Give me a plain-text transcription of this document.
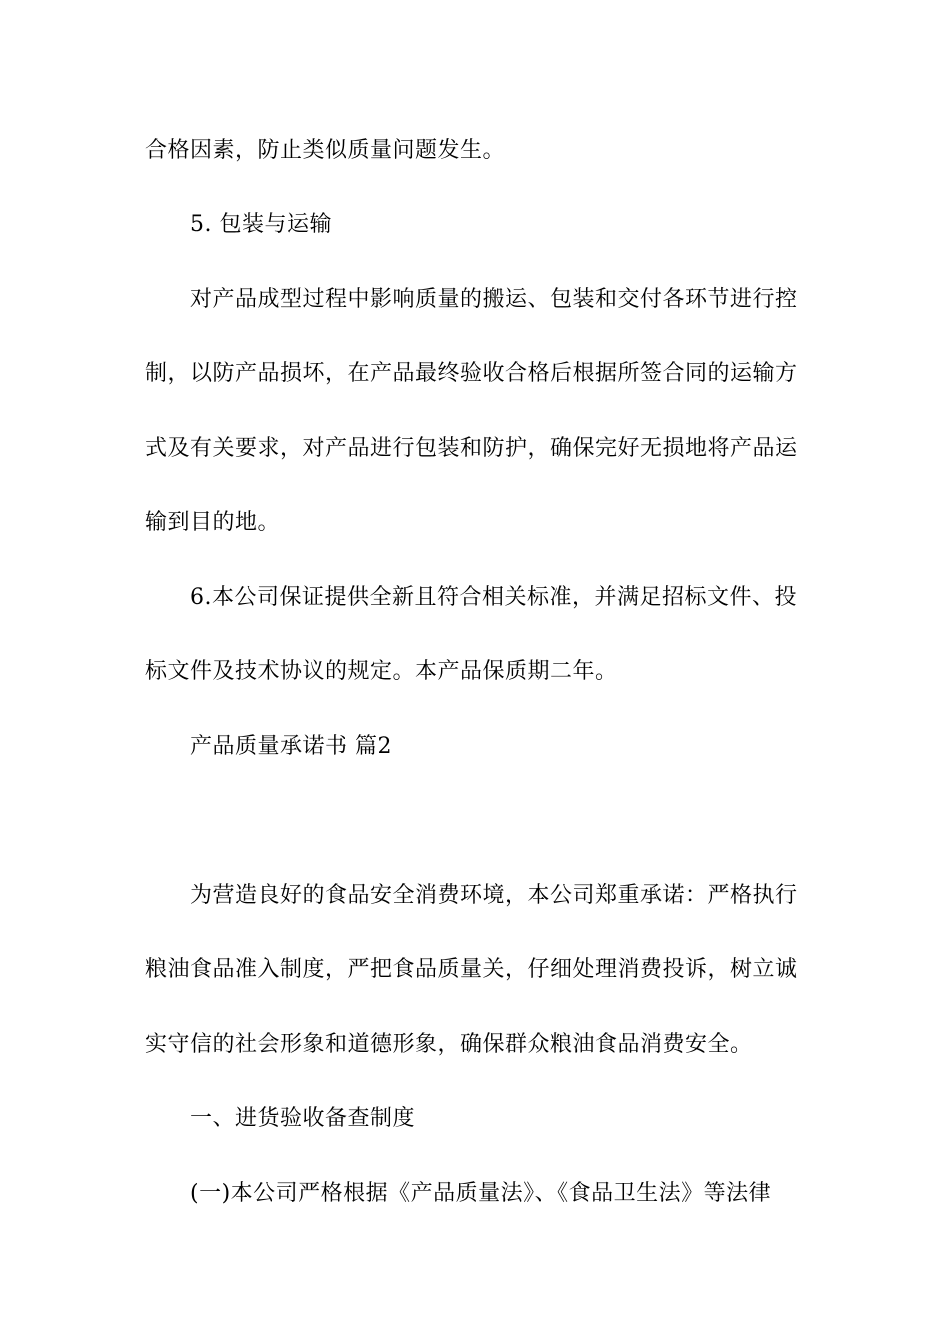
合格因素，防止类似质量问题发生。
5. 包装与运输
对产品成型过程中影响质量的搬运、包装和交付各环节进行控
制，以防产品损坏，在产品最终验收合格后根据所签合同的运输方
式及有关要求，对产品进行包装和防护，确保完好无损地将产品运
输到目的地。
6.本公司保证提供全新且符合相关标准，并满足招标文件、投
标文件及技术协议的规定。本产品保质期二年。
产品质量承诺书 篇2
为营造良好的食品安全消费环境，本公司郑重承诺：严格执行
粮油食品准入制度，严把食品质量关，仔细处理消费投诉，树立诚
实守信的社会形象和道德形象，确保群众粮油食品消费安全。
一、进货验收备查制度
(一)本公司严格根据《产品质量法》、《食品卫生法》等法律
